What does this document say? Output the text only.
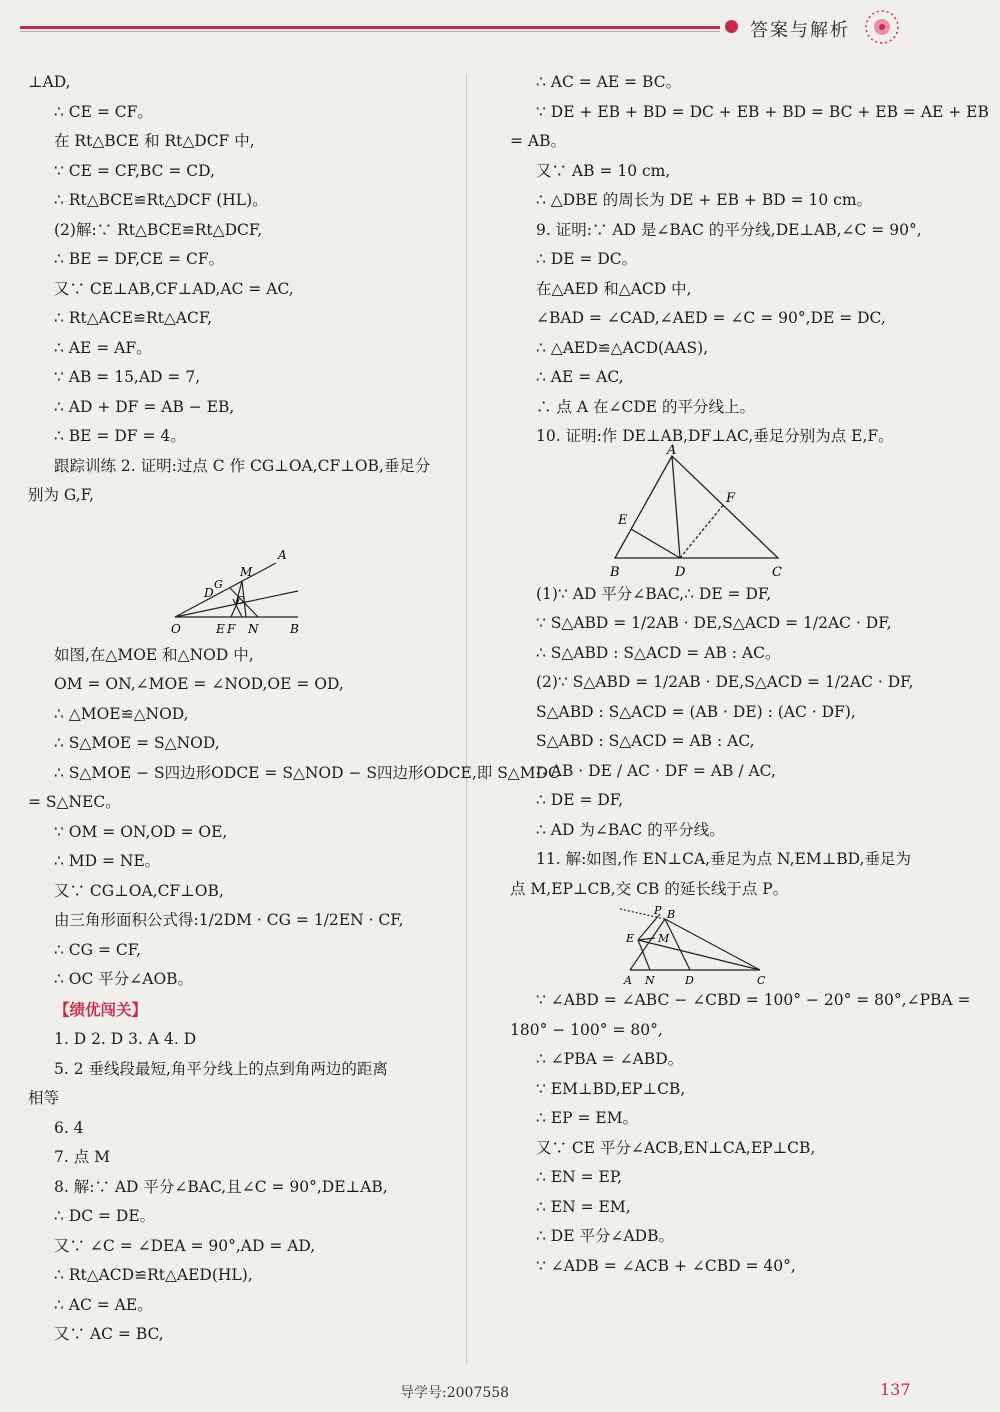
答案与解析
⊥AD,
∴ CE = CF。
在 Rt△BCE 和 Rt△DCF 中,
∵ CE = CF,BC = CD,
∴ Rt△BCE≌Rt△DCF (HL)。
(2)解:∵ Rt△BCE≌Rt△DCF,
∴ BE = DF,CE = CF。
又∵ CE⊥AB,CF⊥AD,AC = AC,
∴ Rt△ACE≌Rt△ACF,
∴ AE = AF。
∵ AB = 15,AD = 7,
∴ AD + DF = AB − EB,
∴ BE = DF = 4。
跟踪训练 2. 证明:过点 C 作 CG⊥OA,CF⊥OB,垂足分
别为 G,F,
A
M
G
D
C
O	E F N	B
如图,在△MOE 和△NOD 中,
OM = ON,∠MOE = ∠NOD,OE = OD,
∴ △MOE≌△NOD,
∴ S△MOE = S△NOD,
∴ S△MOE − S四边形ODCE = S△NOD − S四边形ODCE,即 S△MDC
= S△NEC。
∵ OM = ON,OD = OE,
∴ MD = NE。
又∵ CG⊥OA,CF⊥OB,
由三角形面积公式得:1/2DM · CG = 1/2EN · CF,
∴ CG = CF,
∴ OC 平分∠AOB。
【绩优闯关】
1. D 2. D 3. A 4. D
5. 2 垂线段最短,角平分线上的点到角两边的距离
相等
6. 4
7. 点 M
8. 解:∵ AD 平分∠BAC,且∠C = 90°,DE⊥AB,
∴ DC = DE。
又∵ ∠C = ∠DEA = 90°,AD = AD,
∴ Rt△ACD≌Rt△AED(HL),
∴ AC = AE。
又∵ AC = BC,
∴ AC = AE = BC。
∵ DE + EB + BD = DC + EB + BD = BC + EB = AE + EB
= AB。
又∵ AB = 10 cm,
∴ △DBE 的周长为 DE + EB + BD = 10 cm。
9. 证明:∵ AD 是∠BAC 的平分线,DE⊥AB,∠C = 90°,
∴ DE = DC。
在△AED 和△ACD 中,
∠BAD = ∠CAD,∠AED = ∠C = 90°,DE = DC,
∴ △AED≌△ACD(AAS),
∴ AE = AC,
∴ 点 A 在∠CDE 的平分线上。
10. 证明:作 DE⊥AB,DF⊥AC,垂足分别为点 E,F。
A
E
F
B	D	C
(1)∵ AD 平分∠BAC,∴ DE = DF,
∵ S△ABD = 1/2AB · DE,S△ACD = 1/2AC · DF,
∴ S△ABD : S△ACD = AB : AC。
(2)∵ S△ABD = 1/2AB · DE,S△ACD = 1/2AC · DF,
S△ABD : S△ACD = (AB · DE) : (AC · DF),
S△ABD : S△ACD = AB : AC,
∴ AB · DE / AC · DF = AB / AC,
∴ DE = DF,
∴ AD 为∠BAC 的平分线。
11. 解:如图,作 EN⊥CA,垂足为点 N,EM⊥BD,垂足为
点 M,EP⊥CB,交 CB 的延长线于点 P。
P B
E M
A N	D	C
∵ ∠ABD = ∠ABC − ∠CBD = 100° − 20° = 80°,∠PBA =
180° − 100° = 80°,
∴ ∠PBA = ∠ABD。
∵ EM⊥BD,EP⊥CB,
∴ EP = EM。
又∵ CE 平分∠ACB,EN⊥CA,EP⊥CB,
∴ EN = EP,
∴ EN = EM,
∴ DE 平分∠ADB。
∵ ∠ADB = ∠ACB + ∠CBD = 40°,
导学号:2007558	137
